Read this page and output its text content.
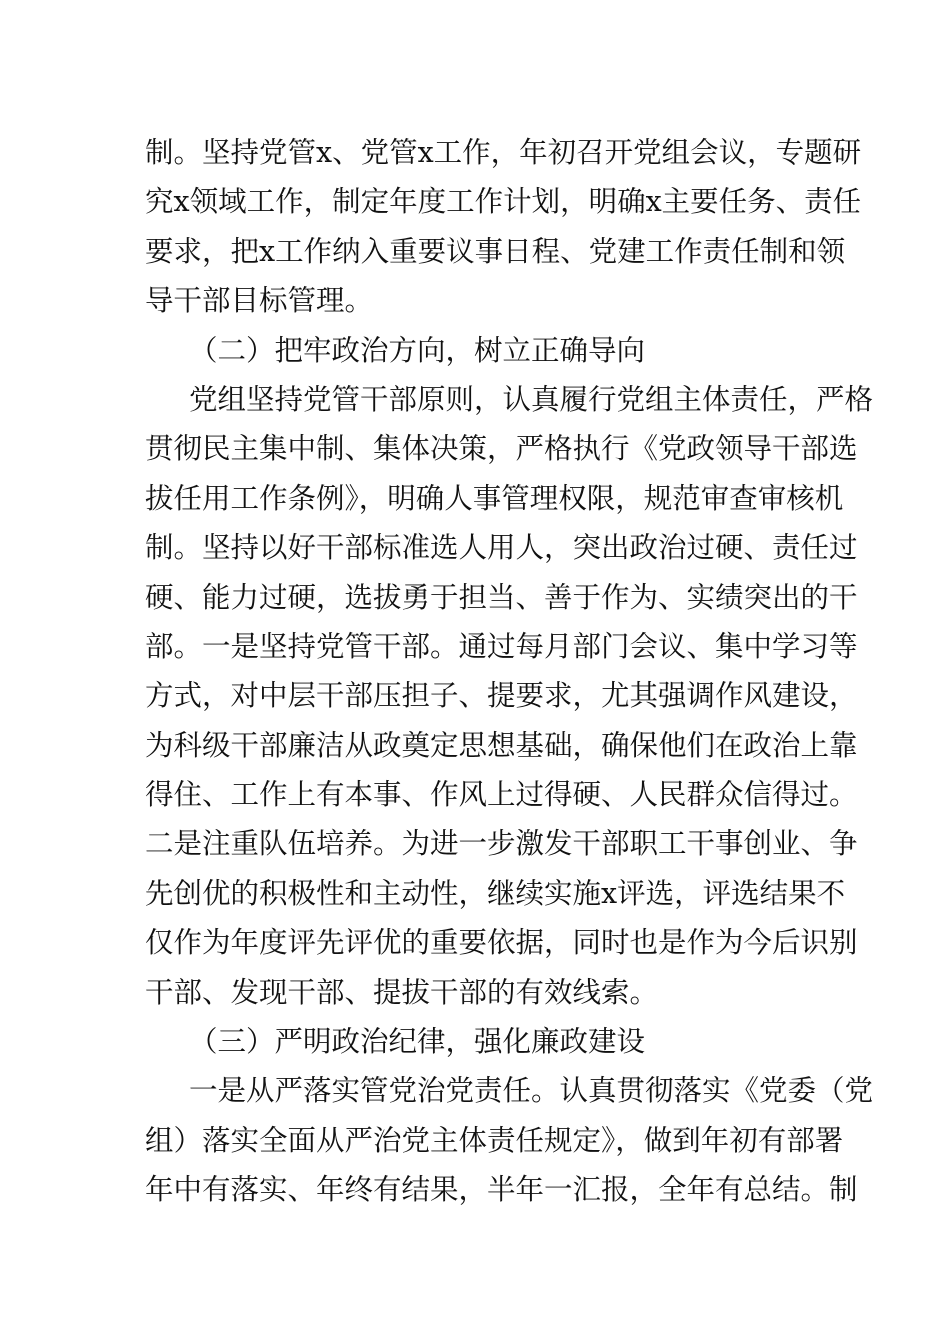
制。坚持党管x、党管x工作，年初召开党组会议，专题研
究x领域工作，制定年度工作计划，明确x主要任务、责任
要求，把x工作纳入重要议事日程、党建工作责任制和领
导干部目标管理。
（二）把牢政治方向，树立正确导向
党组坚持党管干部原则，认真履行党组主体责任，严格
贯彻民主集中制、集体决策，严格执行《党政领导干部选
拔任用工作条例》，明确人事管理权限，规范审查审核机
制。坚持以好干部标准选人用人，突出政治过硬、责任过
硬、能力过硬，选拔勇于担当、善于作为、实绩突出的干
部。一是坚持党管干部。通过每月部门会议、集中学习等
方式，对中层干部压担子、提要求，尤其强调作风建设，
为科级干部廉洁从政奠定思想基础，确保他们在政治上靠
得住、工作上有本事、作风上过得硬、人民群众信得过。
二是注重队伍培养。为进一步激发干部职工干事创业、争
先创优的积极性和主动性，继续实施x评选，评选结果不
仅作为年度评先评优的重要依据，同时也是作为今后识别
干部、发现干部、提拔干部的有效线索。
（三）严明政治纪律，强化廉政建设
一是从严落实管党治党责任。认真贯彻落实《党委（党
组）落实全面从严治党主体责任规定》，做到年初有部署
年中有落实、年终有结果，半年一汇报，全年有总结。制
